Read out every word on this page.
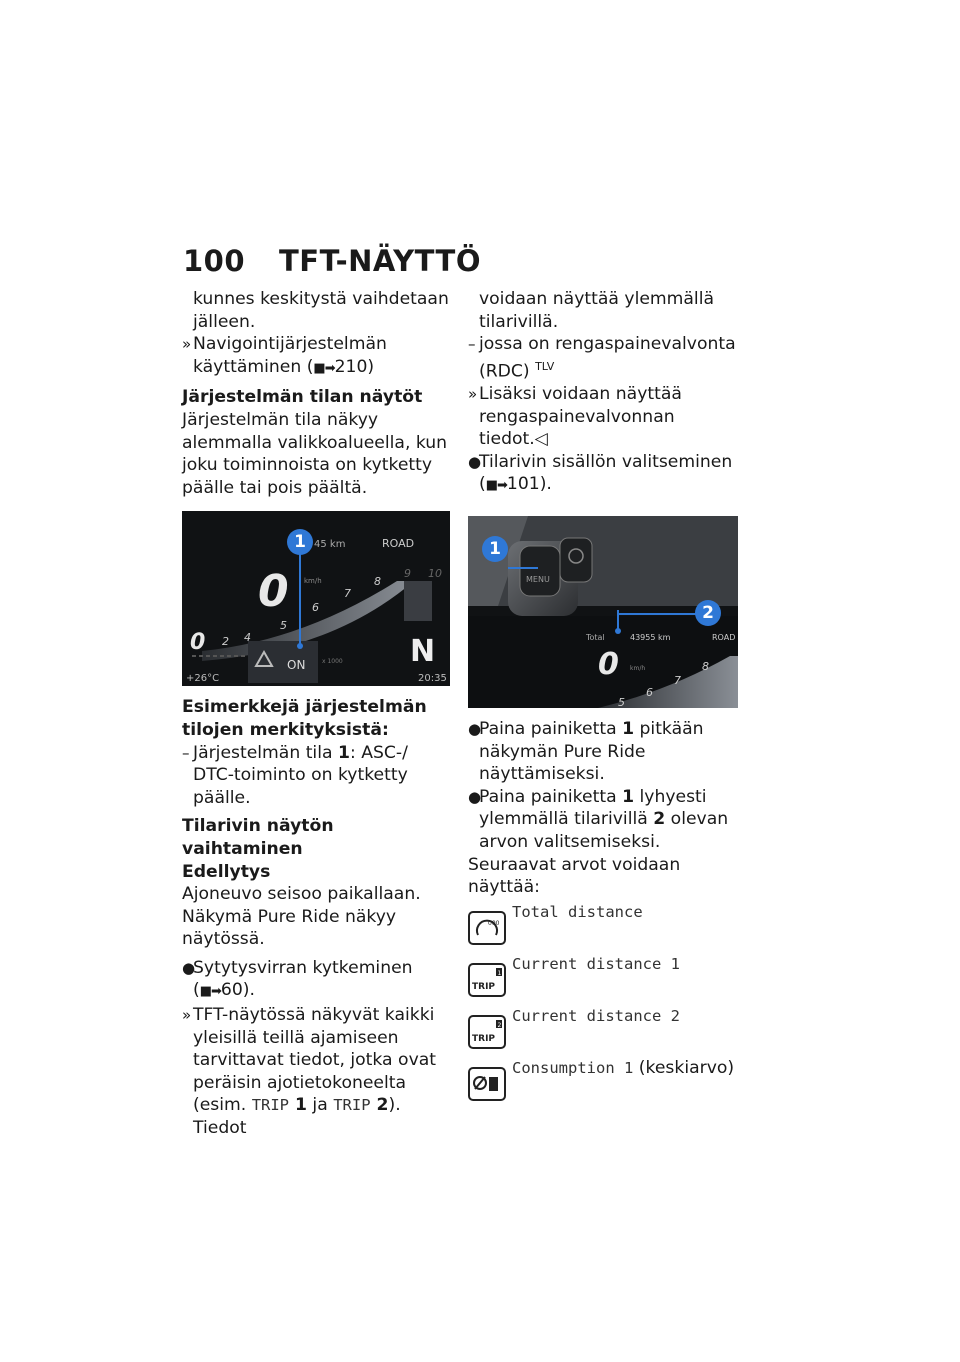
100 TFT-NÄYTTÖ

kunnes keskitystä vaihdetaan jälleen.

» Navigointijärjestelmän käyttäminen (■➡210)

Järjestelmän tilan näytöt

Järjestelmän tila näkyy alemmalla valikkoalueella, kun joku toiminnoista on kytketty päälle tai pois päältä.

0
45 km	ROAD
km/h
2 4
5
6
7
8
9 10
0
ON	x 1000 N
+26°C	20:35
1

Esimerkkejä järjestelmän tilojen merkityksistä:

– Järjestelmän tila 1: ASC-/ DTC-toiminto on kytketty päälle.

Tilarivin näytön vaihtaminen

Edellytys

Ajoneuvo seisoo paikallaan. Näkymä Pure Ride näkyy näytössä.

●
Sytytysvirran kytkeminen (■➡60).
» TFT-näytössä näkyvät kaikki yleisillä teillä ajamiseen tarvittavat tiedot, jotka ovat peräisin ajotietokoneelta (esim. TRIP 1 ja TRIP 2). Tiedot

voidaan näyttää ylemmällä tilarivillä.

– jossa on rengaspainevalvonta (RDC) $^{TLV}$
» Lisäksi voidaan näyttää rengaspainevalvonnan tiedot.◁
●
Tilarivin sisällön valitseminen (■➡101).
MENU
Total	43955 km	ROAD
0 km/h
5
6
7
8
1
2
●
Paina painiketta 1 pitkään näkymän Pure Ride näyttämiseksi.
●
Paina painiketta 1 lyhyesti ylemmällä tilarivillä 2 olevan arvon valitsemiseksi.

Seuraavat arvot voidaan näyttää:

000
Total distance
TRIP
1
Current distance 1
TRIP
2
Current distance 2
Consumption 1 (keskiarvo)
